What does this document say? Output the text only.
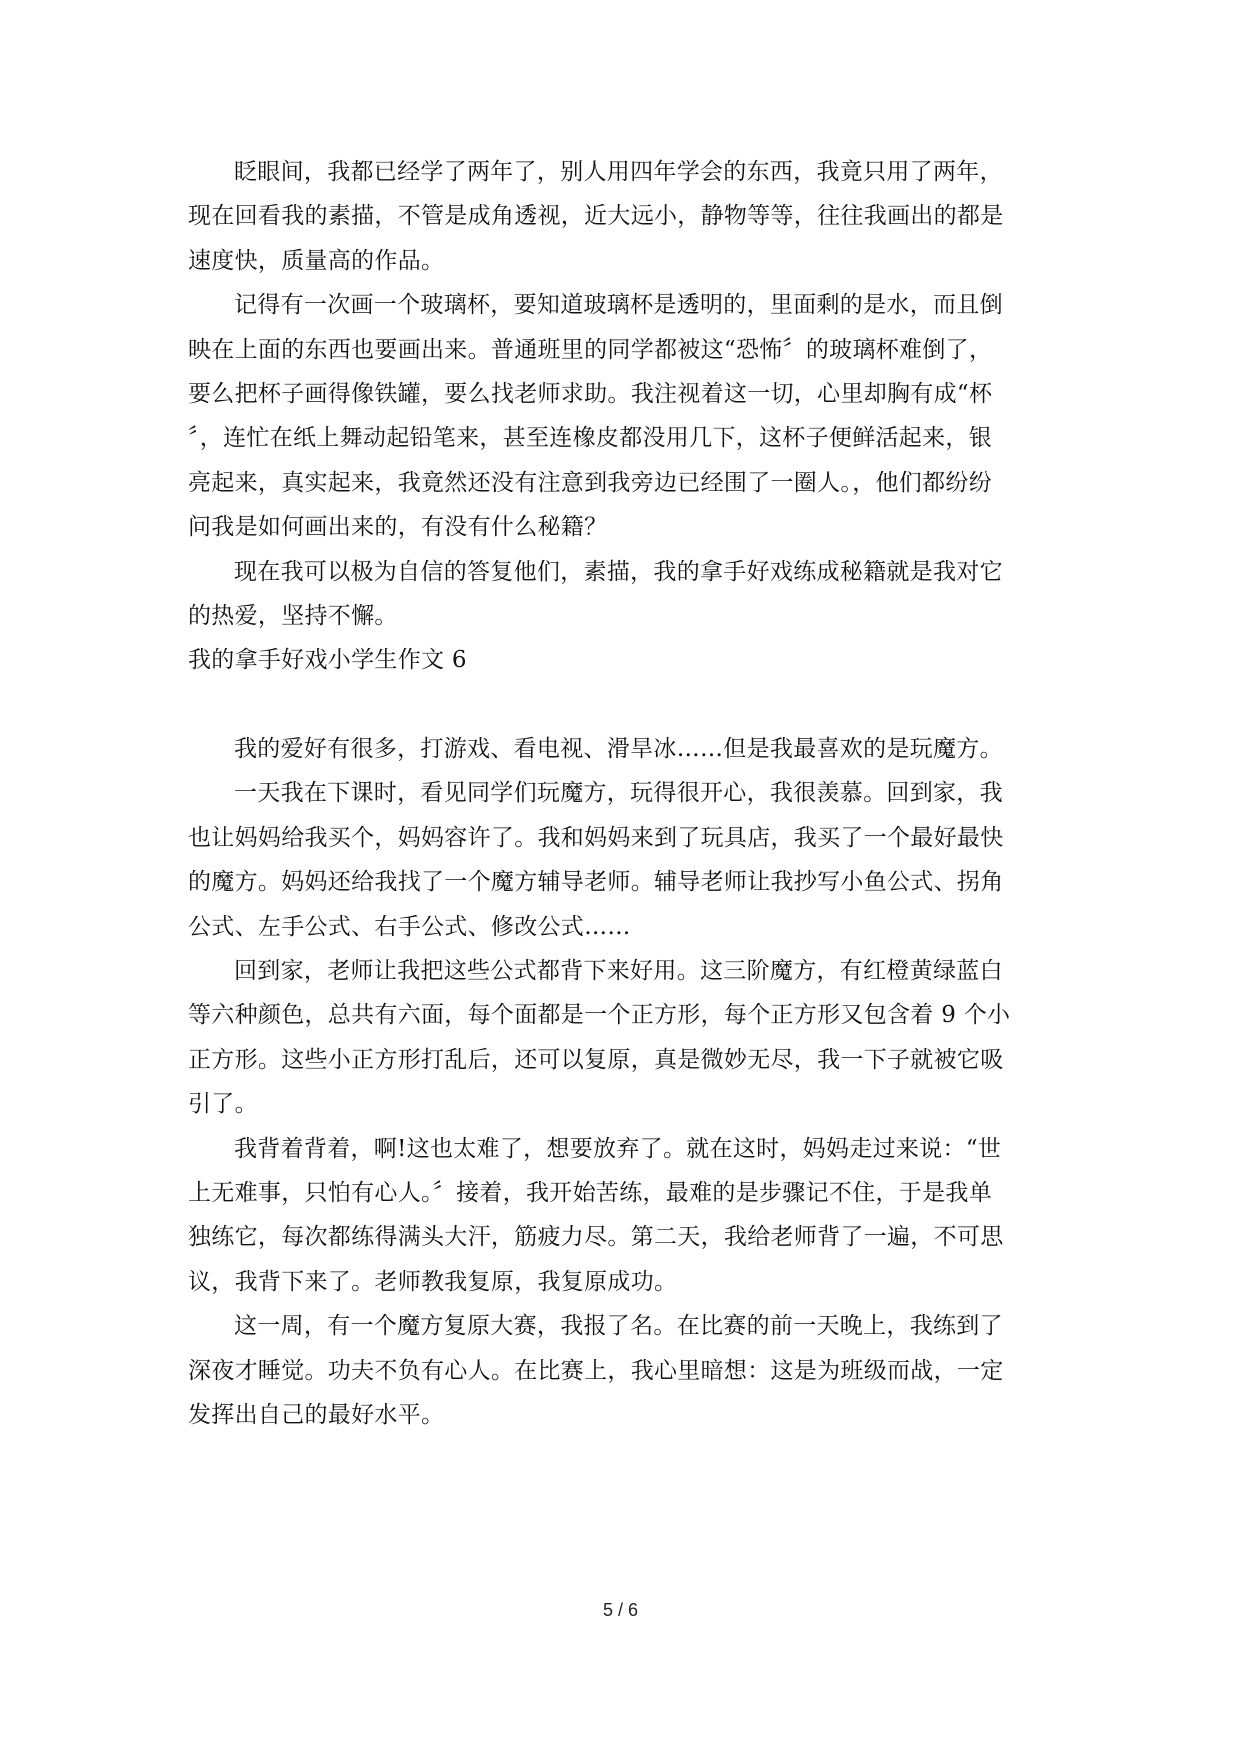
眨眼间，我都已经学了两年了，别人用四年学会的东西，我竟只用了两年，
现在回看我的素描，不管是成角透视，近大远小，静物等等，往往我画出的都是
速度快，质量高的作品。

记得有一次画一个玻璃杯，要知道玻璃杯是透明的，里面剩的是水，而且倒
映在上面的东西也要画出来。普通班里的同学都被这“恐怖〞的玻璃杯难倒了，
要么把杯子画得像铁罐，要么找老师求助。我注视着这一切，心里却胸有成“杯
〞，连忙在纸上舞动起铅笔来，甚至连橡皮都没用几下，这杯子便鲜活起来，银
亮起来，真实起来，我竟然还没有注意到我旁边已经围了一圈人。，他们都纷纷
问我是如何画出来的，有没有什么秘籍？

现在我可以极为自信的答复他们，素描，我的拿手好戏练成秘籍就是我对它
的热爱，坚持不懈。

我的拿手好戏小学生作文 6

我的爱好有很多，打游戏、看电视、滑旱冰……但是我最喜欢的是玩魔方。

一天我在下课时，看见同学们玩魔方，玩得很开心，我很羡慕。回到家，我
也让妈妈给我买个，妈妈容许了。我和妈妈来到了玩具店，我买了一个最好最快
的魔方。妈妈还给我找了一个魔方辅导老师。辅导老师让我抄写小鱼公式、拐角
公式、左手公式、右手公式、修改公式……

回到家，老师让我把这些公式都背下来好用。这三阶魔方，有红橙黄绿蓝白
等六种颜色，总共有六面，每个面都是一个正方形，每个正方形又包含着 9 个小
正方形。这些小正方形打乱后，还可以复原，真是微妙无尽，我一下子就被它吸
引了。

我背着背着，啊!这也太难了，想要放弃了。就在这时，妈妈走过来说：“世
上无难事，只怕有心人。〞接着，我开始苦练，最难的是步骤记不住，于是我单
独练它，每次都练得满头大汗，筋疲力尽。第二天，我给老师背了一遍，不可思
议，我背下来了。老师教我复原，我复原成功。

这一周，有一个魔方复原大赛，我报了名。在比赛的前一天晚上，我练到了
深夜才睡觉。功夫不负有心人。在比赛上，我心里暗想：这是为班级而战，一定
发挥出自己的最好水平。

5 / 6
